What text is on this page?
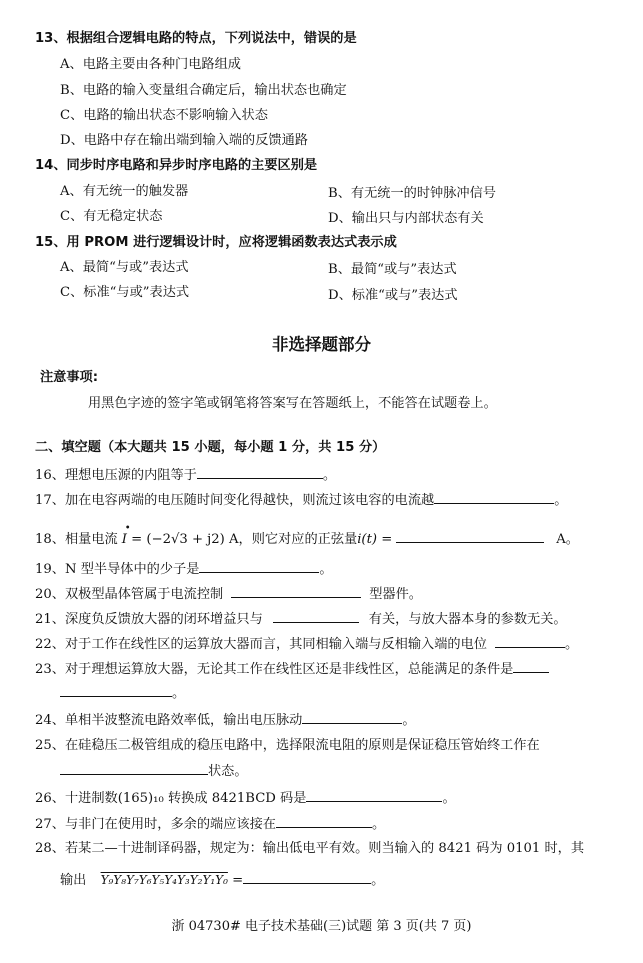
13、根据组合逻辑电路的特点，下列说法中，错误的是
A、电路主要由各种门电路组成
B、电路的输入变量组合确定后，输出状态也确定
C、电路的输出状态不影响输入状态
D、电路中存在输出端到输入端的反馈通路
14、同步时序电路和异步时序电路的主要区别是
A、有无统一的触发器	B、有无统一的时钟脉冲信号
C、有无稳定状态	D、输出只与内部状态有关
15、用 PROM 进行逻辑设计时，应将逻辑函数表达式表示成
A、最简“与或”表达式	B、最简“或与”表达式
C、标准“与或”表达式	D、标准“或与”表达式
非选择题部分
注意事项:
用黑色字迹的签字笔或钢笔将答案写在答题纸上，不能答在试题卷上。
二、填空题（本大题共 15 小题，每小题 1 分，共 15 分）
16、理想电压源的内阻等于	。
17、加在电容两端的电压随时间变化得越快，则流过该电容的电流越	。
18、相量电流
•
I = (−2√3 + j2) A，则它对应的正弦量i(t) =	A。
19、N 型半导体中的少子是	。
20、双极型晶体管属于电流控制	型器件。
21、深度负反馈放大器的闭环增益只与	有关，与放大器本身的参数无关。
22、对于工作在线性区的运算放大器而言，其同相输入端与反相输入端的电位	。
23、对于理想运算放大器，无论其工作在线性区还是非线性区，总能满足的条件是
。
24、单相半波整流电路效率低，输出电压脉动	。
25、在硅稳压二极管组成的稳压电路中，选择限流电阻的原则是保证稳压管始终工作在
状态。
26、十进制数(165)₁₀ 转换成 8421BCD 码是	。
27、与非门在使用时，多余的端应该接在	。
28、若某二—十进制译码器，规定为：输出低电平有效。则当输入的 8421 码为 0101 时，其
输出 Y₉Y₈Y₇Y₆Y₅Y₄Y₃Y₂Y₁Y₀ =	。
浙 04730# 电子技术基础(三)试题 第 3 页(共 7 页)
